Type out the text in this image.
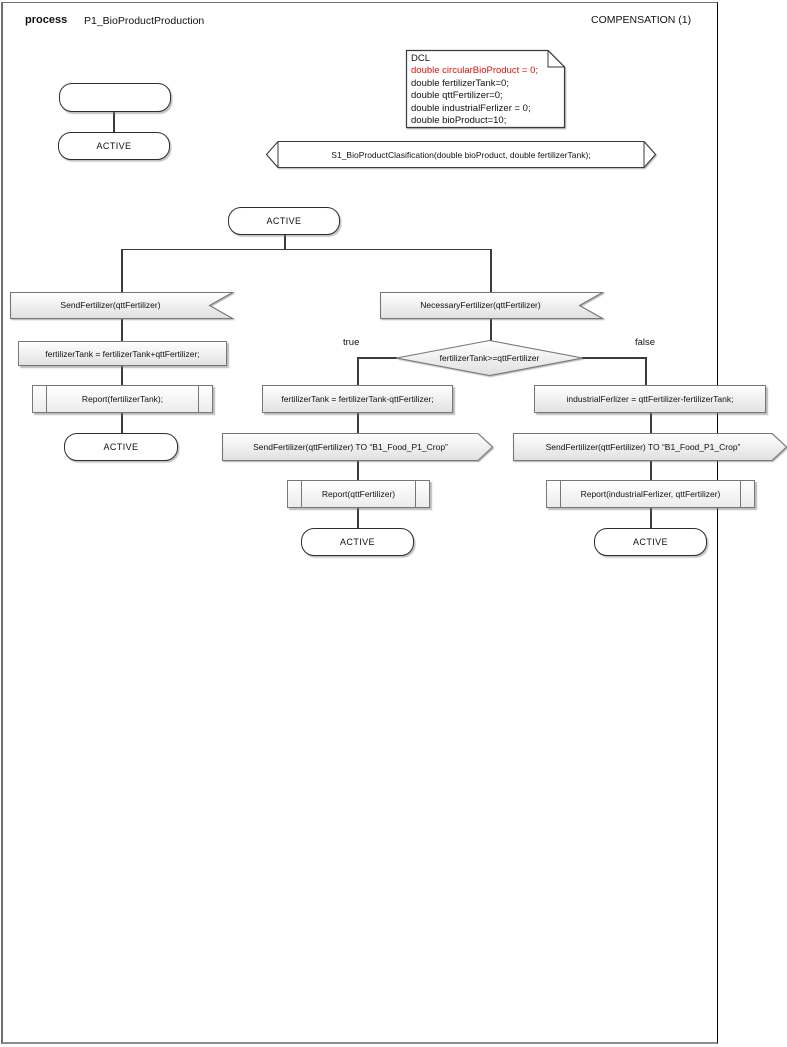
process P1_BioProductProduction	COMPENSATION (1)
DCL
double circularBioProduct = 0;
double fertilizerTank=0;
double qttFertilizer=0;
double industrialFerlizer = 0;
double bioProduct=10;
ACTIVE
S1_BioProductClasification(double bioProduct, double fertilizerTank);
ACTIVE
SendFertilizer(qttFertilizer)
fertilizerTank = fertilizerTank+qttFertilizer;
Report(fertilizerTank);
ACTIVE
NecessaryFertilizer(qttFertilizer)
true	false
fertilizerTank>=qttFertilizer
fertilizerTank = fertilizerTank-qttFertilizer;
SendFertilizer(qttFertilizer) TO “B1_Food_P1_Crop”
Report(qttFertilizer)
ACTIVE
industrialFerlizer = qttFertilizer-fertilizerTank;
SendFertilizer(qttFertilizer) TO “B1_Food_P1_Crop”
Report(industrialFerlizer, qttFertilizer)
ACTIVE
